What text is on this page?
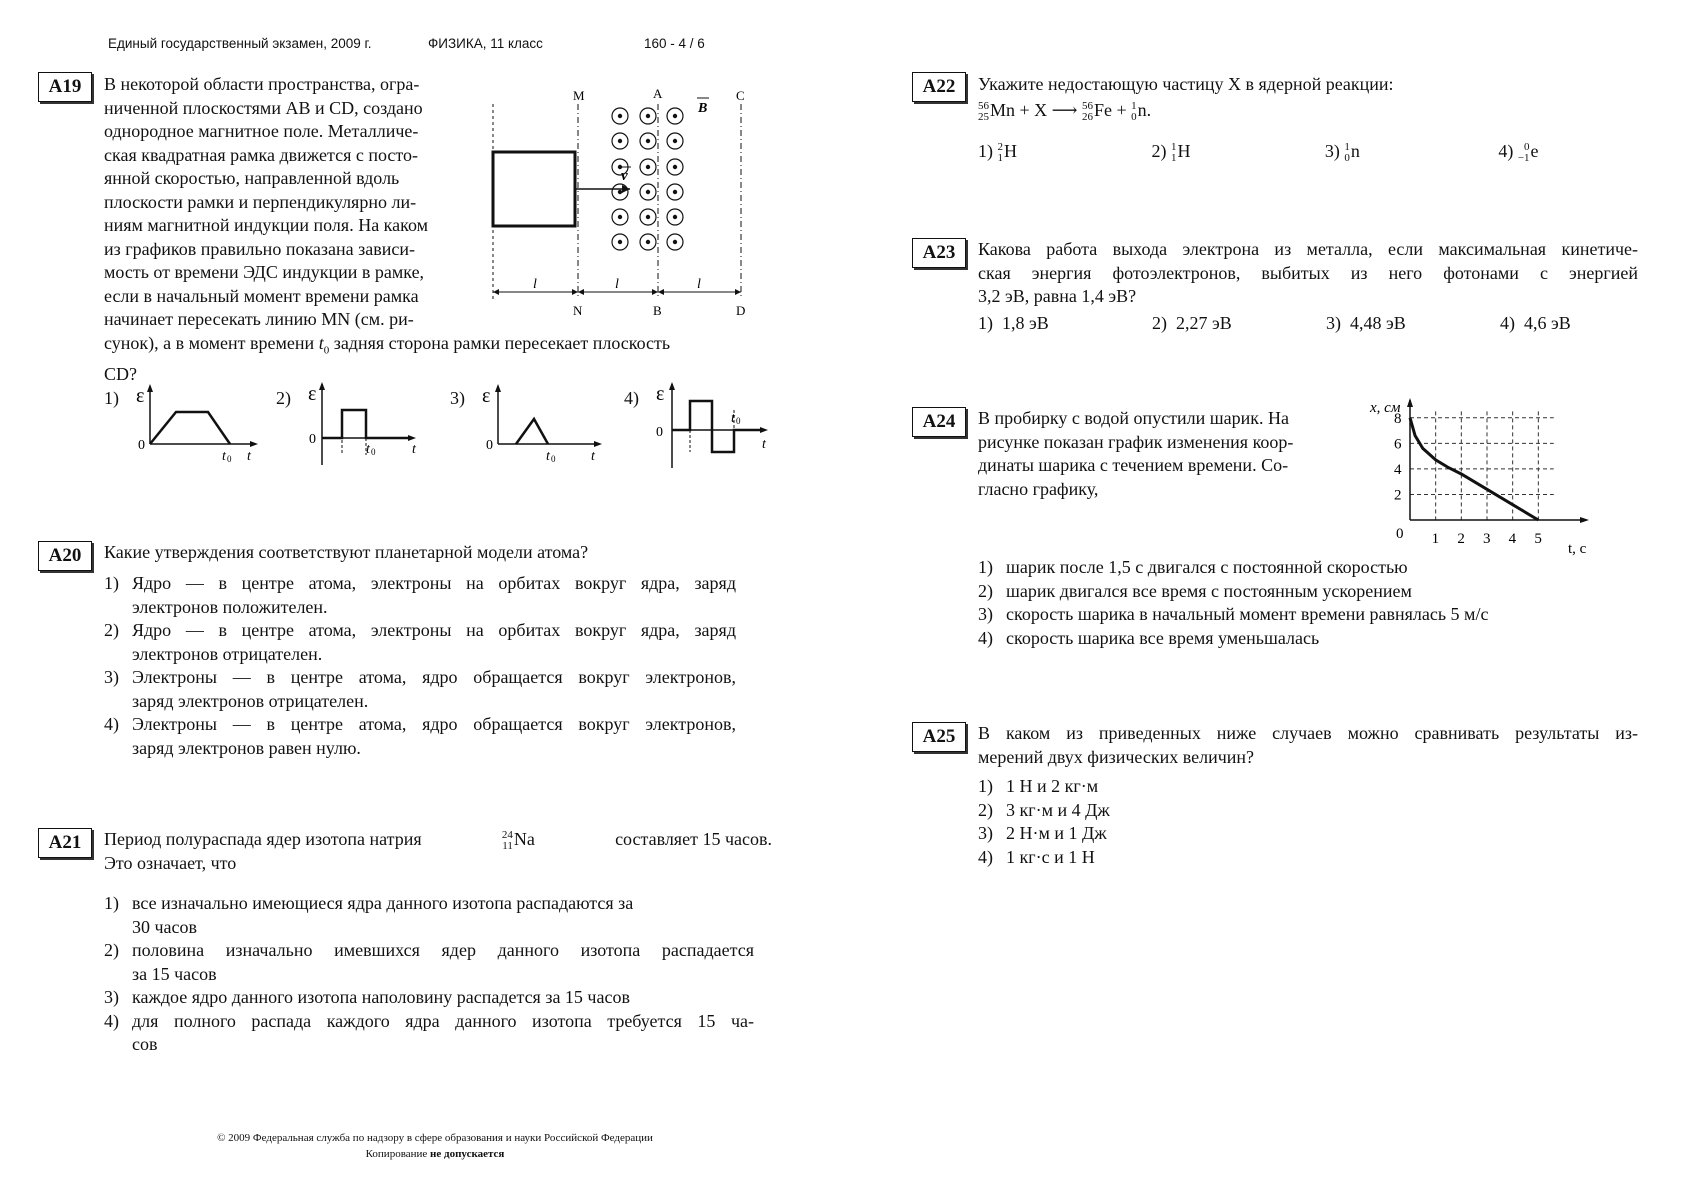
Единый государственный экзамен, 2009 г.	ФИЗИКА, 11 класс	160 - 4 / 6
A19	В некоторой области пространства, огра-
ниченной плоскостями AB и CD, создано
однородное магнитное поле. Металличе-
ская квадратная рамка движется с посто-
янной скоростью, направленной вдоль
плоскости рамки и перпендикулярно ли-
ниям магнитной индукции поля. На каком
из графиков правильно показана зависи-
мость от времени ЭДС индукции в рамке,
если в начальный момент времени рамка
начинает пересекать линию MN (см. ри-
сунок), а в момент времени $t_0$ задняя сторона рамки пересекает плоскость
CD?
M
N
A
B
C
D
v
B
l	l	l
1) ε
0
t 0 t
2) ε
0
t 0	t
3) ε
0
t 0	t
4) ε
0
t 0
t
A20	Какие утверждения соответствуют планетарной модели атома?
1) Ядро — в центре атома, электроны на орбитах вокруг ядра, заряд
электронов положителен.
2) Ядро — в центре атома, электроны на орбитах вокруг ядра, заряд
электронов отрицателен.
3) Электроны — в центре атома, ядро обращается вокруг электронов,
заряд электронов отрицателен.
4) Электроны — в центре атома, ядро обращается вокруг электронов,
заряд электронов равен нулю.
A21	Период полураспада ядер изотопа натрия	24
11 Na	составляет 15 часов.
Это означает, что
1) все изначально имеющиеся ядра данного изотопа распадаются за
30 часов
2) половина изначально имевшихся ядер данного изотопа распадается
за 15 часов
3) каждое ядро данного изотопа наполовину распадется за 15 часов
4) для полного распада каждого ядра данного изотопа требуется 15 ча-
сов
A22	Укажите недостающую частицу X в ядерной реакции:
56
25 Mn + X ⟶ 56
26 Fe + 1
0 n.
1) 2
1 H	2) 1
1 H	3) 1
0 n	4) 0
−1 e
A23	Какова работа выхода электрона из металла, если максимальная кинетиче-
ская энергия фотоэлектронов, выбитых из него фотонами с энергией
3,2 эВ, равна 1,4 эВ?
1) 1,8 эВ	2) 2,27 эВ	3) 4,48 эВ	4) 4,6 эВ
A24	В пробирку с водой опустили шарик. На
рисунке показан график изменения коор-
динаты шарика с течением времени. Со-
гласно графику,
0 1 2 3 4 5
2
4
6
8
x, см
t, c
1) шарик после 1,5 с двигался с постоянной скоростью
2) шарик двигался все время с постоянным ускорением
3) скорость шарика в начальный момент времени равнялась 5 м/с
4) скорость шарика все время уменьшалась
A25	В каком из приведенных ниже случаев можно сравнивать результаты из-
мерений двух физических величин?
1) 1 Н и 2 кг·м
2) 3 кг·м и 4 Дж
3) 2 Н·м и 1 Дж
4) 1 кг·с и 1 Н
© 2009 Федеральная служба по надзору в сфере образования и науки Российской Федерации
Копирование не допускается
